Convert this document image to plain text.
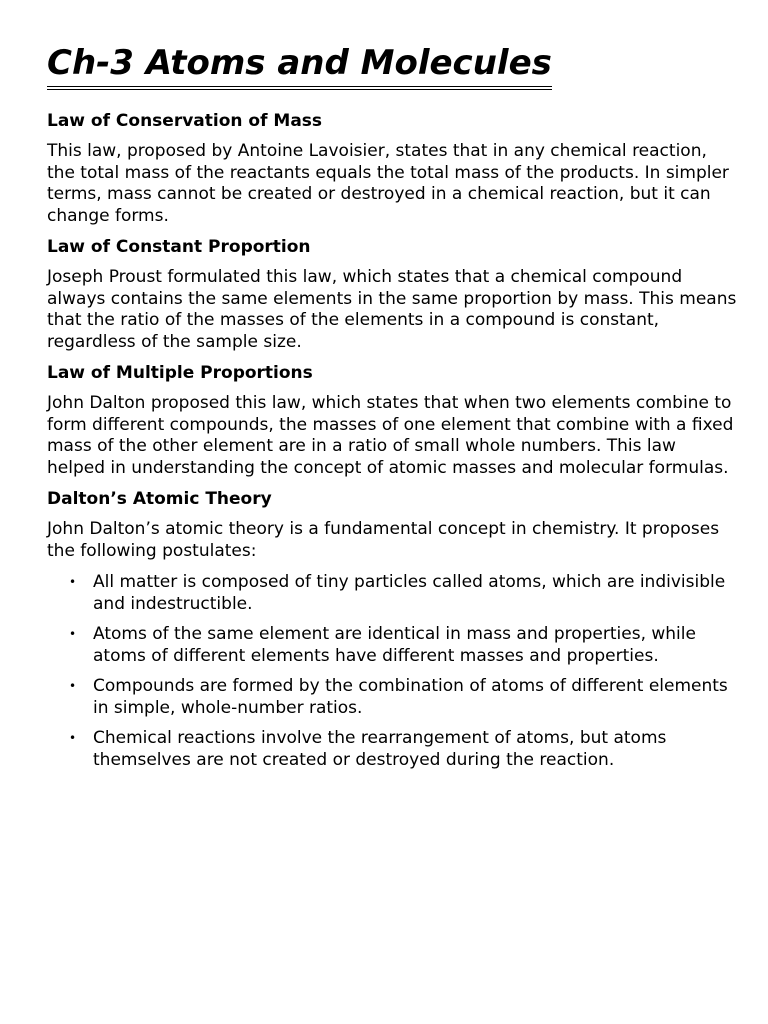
Ch-3 Atoms and Molecules

Law of Conservation of Mass

This law, proposed by Antoine Lavoisier, states that in any chemical reaction, the total mass of the reactants equals the total mass of the products. In simpler terms, mass cannot be created or destroyed in a chemical reaction, but it can change forms.

Law of Constant Proportion

Joseph Proust formulated this law, which states that a chemical compound always contains the same elements in the same proportion by mass. This means that the ratio of the masses of the elements in a compound is constant, regardless of the sample size.

Law of Multiple Proportions

John Dalton proposed this law, which states that when two elements combine to form different compounds, the masses of one element that combine with a fixed mass of the other element are in a ratio of small whole numbers. This law helped in understanding the concept of atomic masses and molecular formulas.

Dalton’s Atomic Theory

John Dalton’s atomic theory is a fundamental concept in chemistry. It proposes the following postulates:

• All matter is composed of tiny particles called atoms, which are indivisible and indestructible.
• Atoms of the same element are identical in mass and properties, while atoms of different elements have different masses and properties.
• Compounds are formed by the combination of atoms of different elements in simple, whole-number ratios.
• Chemical reactions involve the rearrangement of atoms, but atoms themselves are not created or destroyed during the reaction.
